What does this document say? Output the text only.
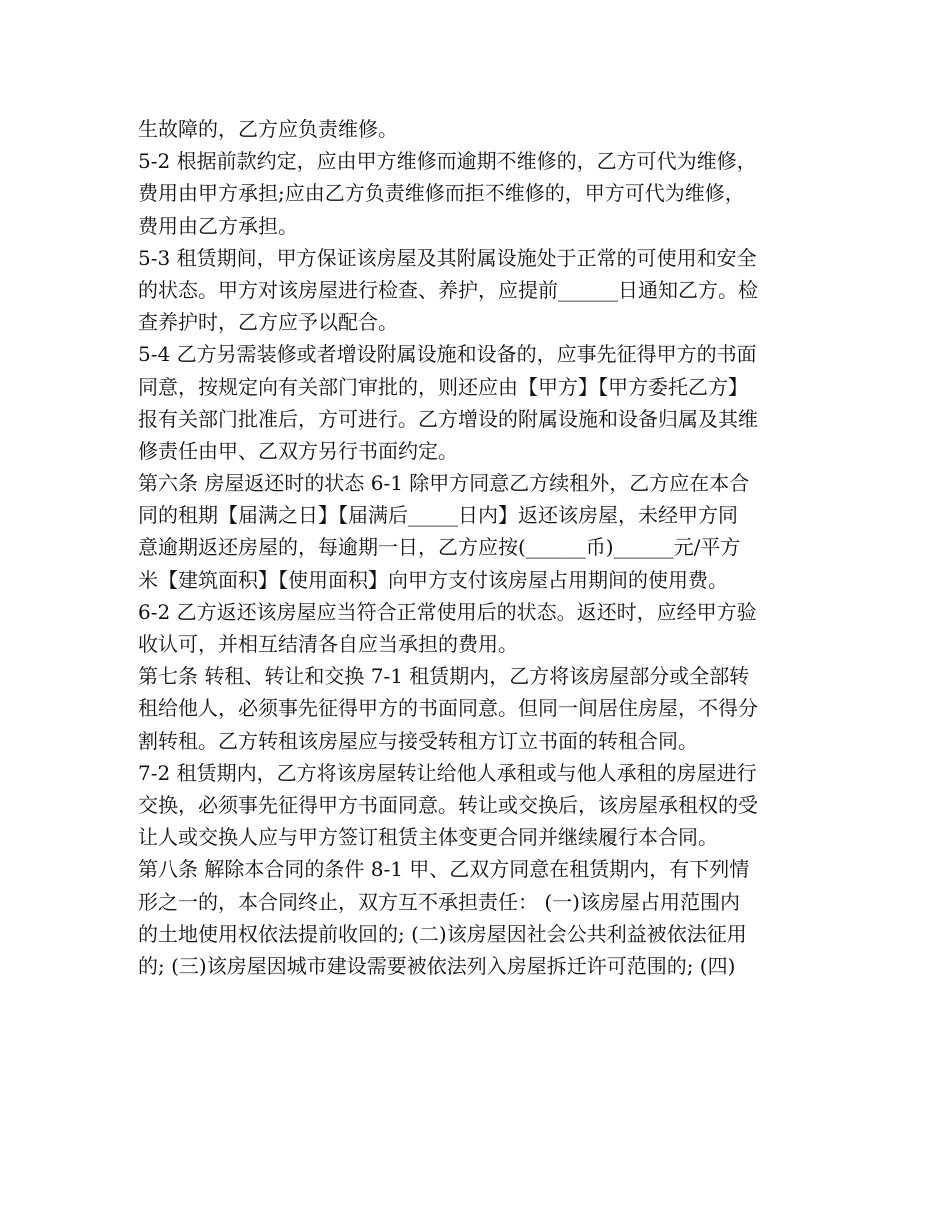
生故障的，乙方应负责维修。
5-2 根据前款约定，应由甲方维修而逾期不维修的，乙方可代为维修，
费用由甲方承担;应由乙方负责维修而拒不维修的，甲方可代为维修，
费用由乙方承担。
5-3 租赁期间，甲方保证该房屋及其附属设施处于正常的可使用和安全
的状态。甲方对该房屋进行检查、养护，应提前______日通知乙方。检
查养护时，乙方应予以配合。
5-4 乙方另需装修或者增设附属设施和设备的，应事先征得甲方的书面
同意，按规定向有关部门审批的，则还应由【甲方】【甲方委托乙方】
报有关部门批准后，方可进行。乙方增设的附属设施和设备归属及其维
修责任由甲、乙双方另行书面约定。
第六条 房屋返还时的状态 6-1 除甲方同意乙方续租外，乙方应在本合
同的租期【届满之日】【届满后_____日内】返还该房屋，未经甲方同
意逾期返还房屋的，每逾期一日，乙方应按(______币)______元/平方
米【建筑面积】【使用面积】向甲方支付该房屋占用期间的使用费。
6-2 乙方返还该房屋应当符合正常使用后的状态。返还时，应经甲方验
收认可，并相互结清各自应当承担的费用。
第七条 转租、转让和交换 7-1 租赁期内，乙方将该房屋部分或全部转
租给他人，必须事先征得甲方的书面同意。但同一间居住房屋，不得分
割转租。乙方转租该房屋应与接受转租方订立书面的转租合同。
7-2 租赁期内，乙方将该房屋转让给他人承租或与他人承租的房屋进行
交换，必须事先征得甲方书面同意。转让或交换后，该房屋承租权的受
让人或交换人应与甲方签订租赁主体变更合同并继续履行本合同。
第八条 解除本合同的条件 8-1 甲、乙双方同意在租赁期内，有下列情
形之一的，本合同终止，双方互不承担责任： (一)该房屋占用范围内
的土地使用权依法提前收回的; (二)该房屋因社会公共利益被依法征用
的; (三)该房屋因城市建设需要被依法列入房屋拆迁许可范围的; (四)
